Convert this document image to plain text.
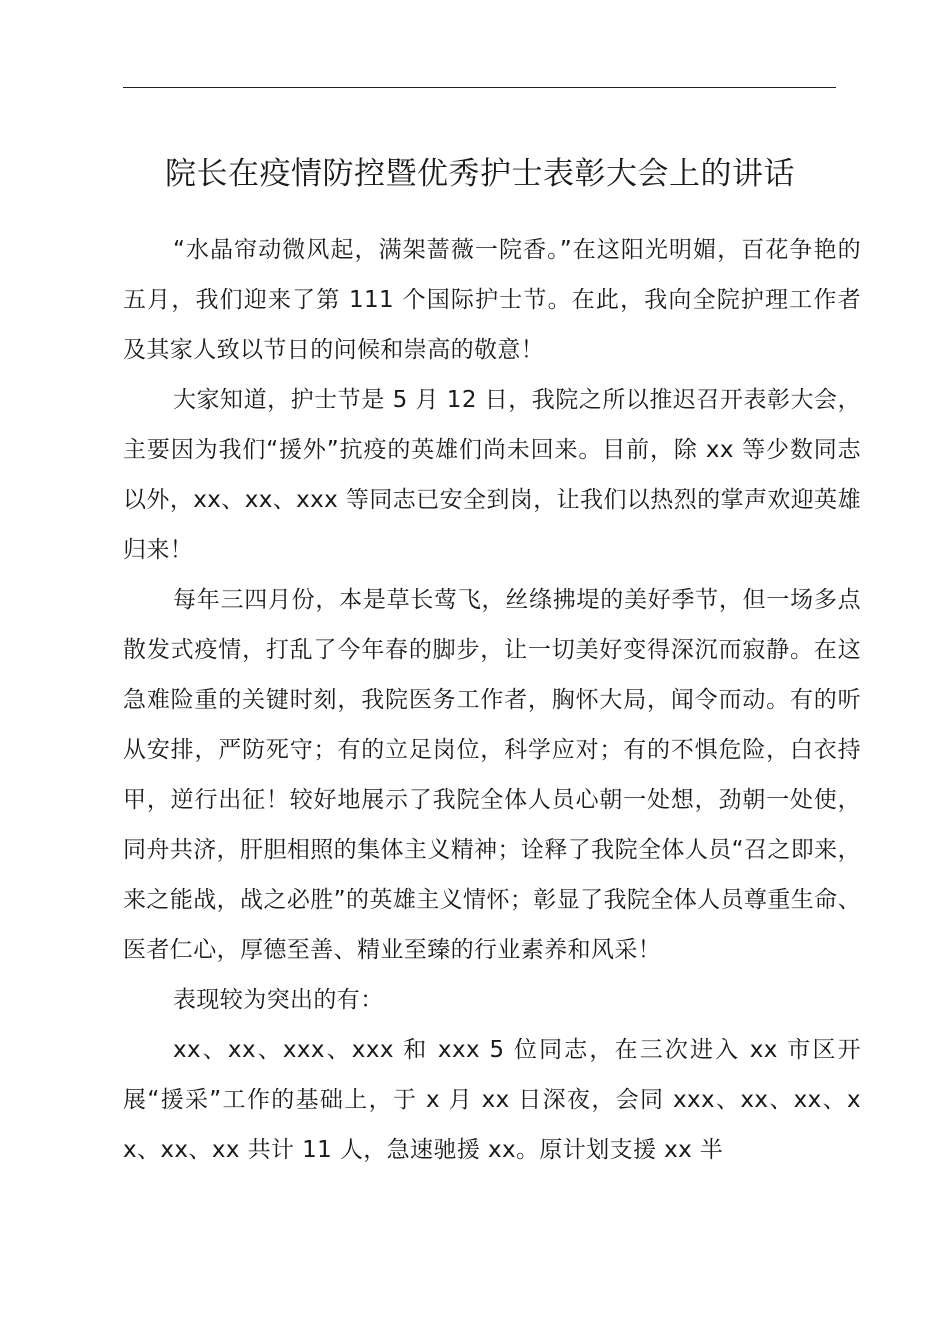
院长在疫情防控暨优秀护士表彰大会上的讲话

“水晶帘动微风起，满架蔷薇一院香。”在这阳光明媚，百花争艳的五月，我们迎来了第 111 个国际护士节。在此，我向全院护理工作者及其家人致以节日的问候和崇高的敬意！

大家知道，护士节是 5 月 12 日，我院之所以推迟召开表彰大会，主要因为我们“援外”抗疫的英雄们尚未回来。目前，除 xx 等少数同志以外，xx、xx、xxx 等同志已安全到岗，让我们以热烈的掌声欢迎英雄归来！

每年三四月份，本是草长莺飞，丝绦拂堤的美好季节，但一场多点散发式疫情，打乱了今年春的脚步，让一切美好变得深沉而寂静。在这急难险重的关键时刻，我院医务工作者，胸怀大局，闻令而动。有的听从安排，严防死守；有的立足岗位，科学应对；有的不惧危险，白衣持甲，逆行出征！较好地展示了我院全体人员心朝一处想，劲朝一处使，同舟共济，肝胆相照的集体主义精神；诠释了我院全体人员“召之即来，来之能战，战之必胜”的英雄主义情怀；彰显了我院全体人员尊重生命、医者仁心，厚德至善、精业至臻的行业素养和风采！

表现较为突出的有：

xx、xx、xxx、xxx 和 xxx 5 位同志，在三次进入 xx 市区开展“援采”工作的基础上，于 x 月 xx 日深夜，会同 xxx、xx、xx、xx、xx、xx 共计 11 人，急速驰援 xx。原计划支援 xx 半
